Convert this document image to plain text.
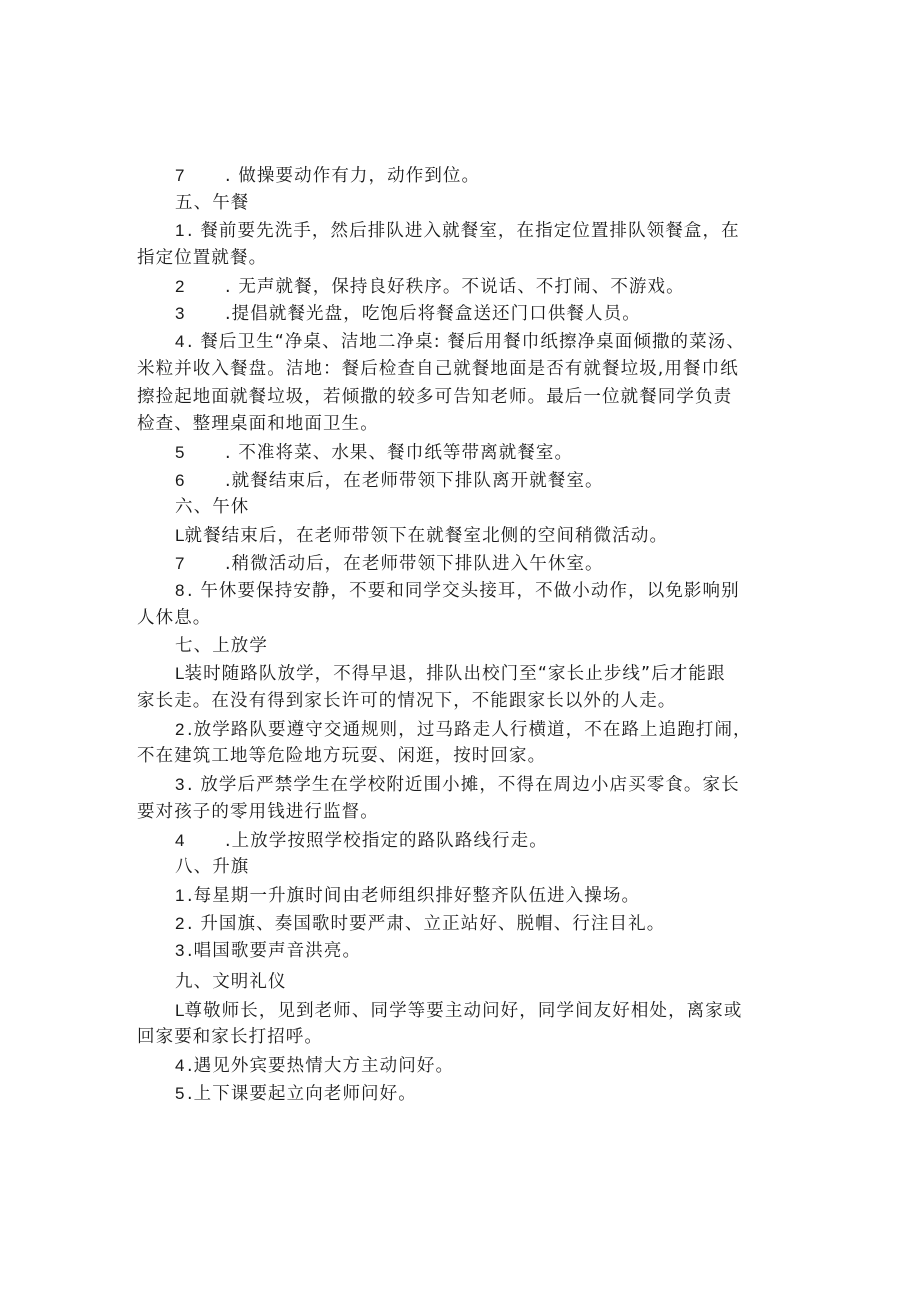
7 . 做操要动作有力，动作到位。
五、午餐
1 . 餐前要先洗手，然后排队进入就餐室，在指定位置排队领餐盒，在
指定位置就餐。
2 . 无声就餐，保持良好秩序。不说话、不打闹、不游戏。
3 .提倡就餐光盘，吃饱后将餐盒送还门口供餐人员。
4 . 餐后卫生“净桌、洁地二净桌: 餐后用餐巾纸擦净桌面倾撒的菜汤、
米粒并收入餐盘。洁地：餐后检查自己就餐地面是否有就餐垃圾,用餐巾纸
擦捡起地面就餐垃圾，若倾撒的较多可告知老师。最后一位就餐同学负责
检查、整理桌面和地面卫生。
5 . 不准将菜、水果、餐巾纸等带离就餐室。
6 .就餐结束后，在老师带领下排队离开就餐室。
六、午休
L就餐结束后，在老师带领下在就餐室北侧的空间稍微活动。
7 .稍微活动后，在老师带领下排队进入午休室。
8 . 午休要保持安静，不要和同学交头接耳，不做小动作，以免影响别
人休息。
七、上放学
L装时随路队放学，不得早退，排队出校门至“家长止步线”后才能跟
家长走。在没有得到家长许可的情况下，不能跟家长以外的人走。
2 .放学路队要遵守交通规则，过马路走人行横道，不在路上追跑打闹，
不在建筑工地等危险地方玩耍、闲逛，按时回家。
3 . 放学后严禁学生在学校附近围小摊，不得在周边小店买零食。家长
要对孩子的零用钱进行监督。
4 .上放学按照学校指定的路队路线行走。
八、升旗
1 .每星期一升旗时间由老师组织排好整齐队伍进入操场。
2 . 升国旗、奏国歌时要严肃、立正站好、脱帽、行注目礼。
3 .唱国歌要声音洪亮。
九、文明礼仪
L尊敬师长，见到老师、同学等要主动问好，同学间友好相处，离家或
回家要和家长打招呼。
4 .遇见外宾要热情大方主动问好。
5 .上下课要起立向老师问好。
